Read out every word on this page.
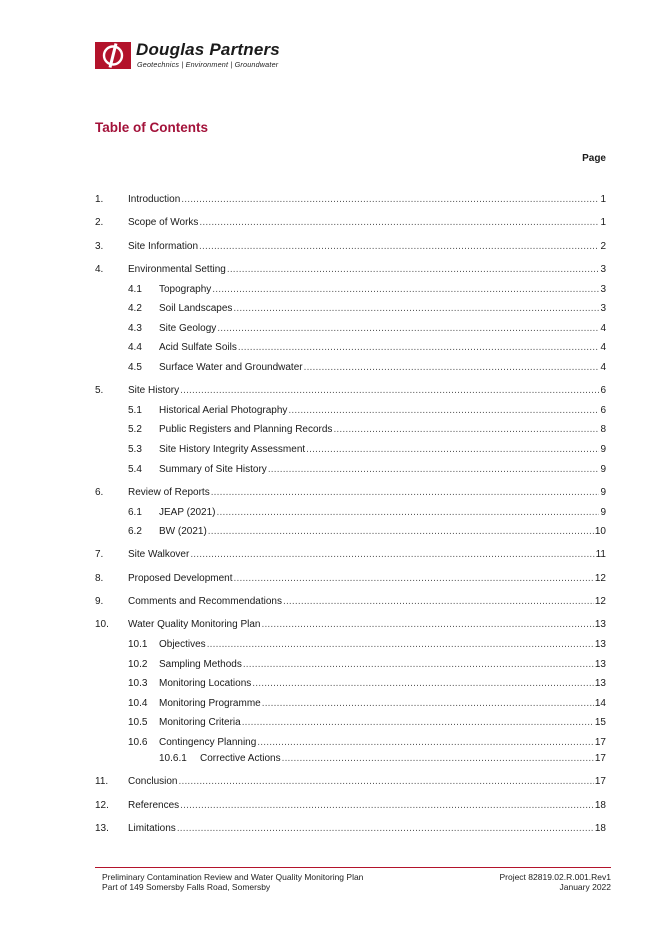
Douglas Partners
Geotechnics | Environment | Groundwater
Table of Contents
Page
1. Introduction .....	1
2. Scope of Works .....	1
3. Site Information .....	2
4. Environmental Setting .....	3
4.1 Topography .....	3
4.2 Soil Landscapes .....	3
4.3 Site Geology .....	4
4.4 Acid Sulfate Soils .....	4
4.5 Surface Water and Groundwater .....	4
5. Site History .....	6
5.1 Historical Aerial Photography .....	6
5.2 Public Registers and Planning Records .....	8
5.3 Site History Integrity Assessment .....	9
5.4 Summary of Site History .....	9
6. Review of Reports .....	9
6.1 JEAP (2021) .....	9
6.2 BW (2021) .....	10
7. Site Walkover .....	11
8. Proposed Development .....	12
9. Comments and Recommendations .....	12
10. Water Quality Monitoring Plan .....	13
10.1 Objectives .....	13
10.2 Sampling Methods .....	13
10.3 Monitoring Locations .....	13
10.4 Monitoring Programme .....	14
10.5 Monitoring Criteria .....	15
10.6 Contingency Planning .....	17
10.6.1 Corrective Actions .....	17
11. Conclusion .....	17
12. References .....	18
13. Limitations .....	18
Preliminary Contamination Review and Water Quality Monitoring Plan
Part of 149 Somersby Falls Road, Somersby
Project 82819.02.R.001.Rev1
January 2022
